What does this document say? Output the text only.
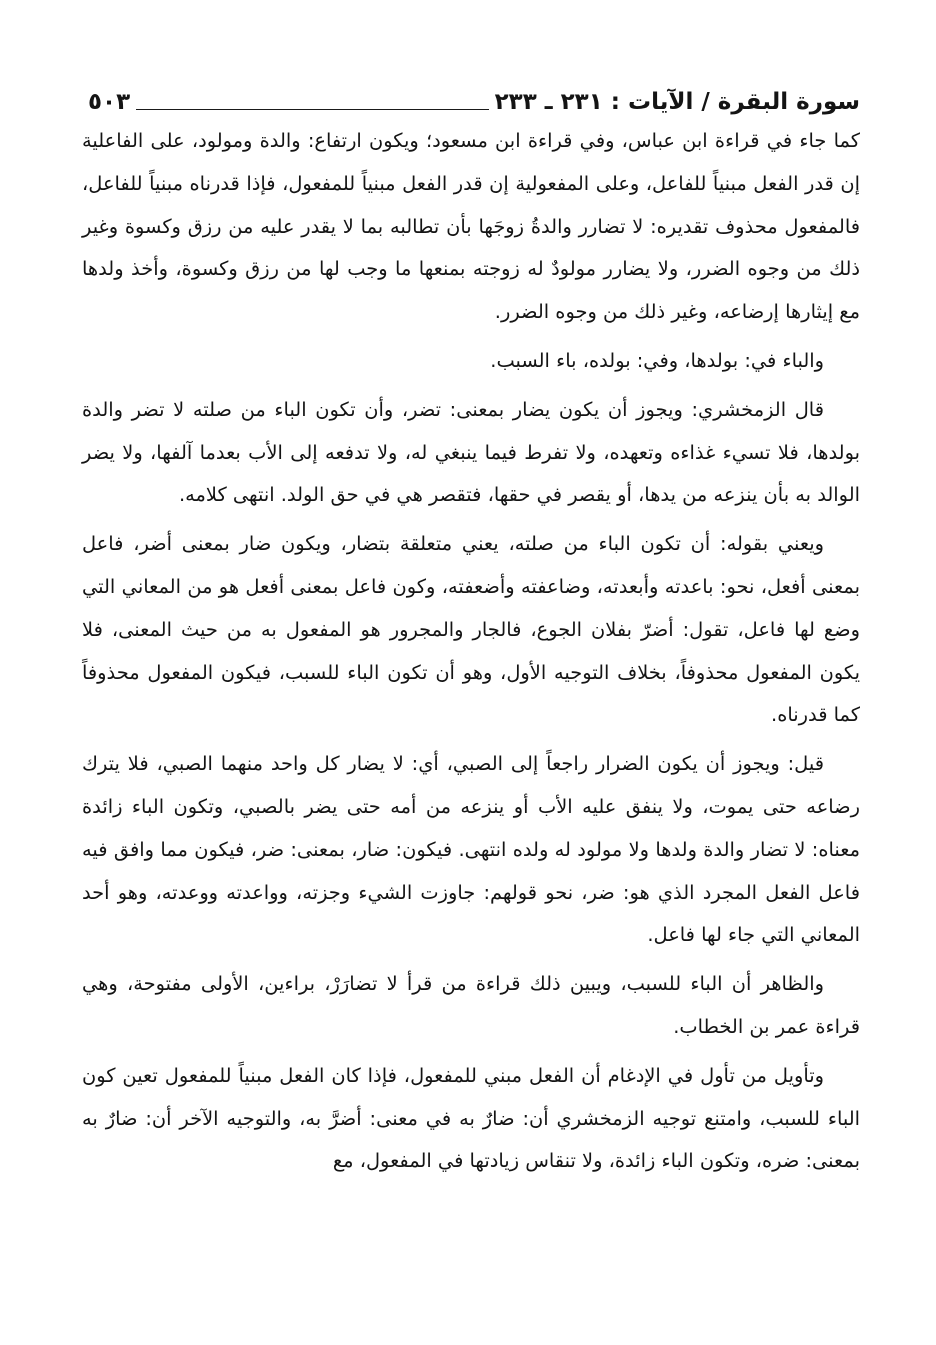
سورة البقرة / الآيات : ٢٣١ ـ ٢٣٣
٥٠٣

كما جاء في قراءة ابن عباس، وفي قراءة ابن مسعود؛ ويكون ارتفاع: والدة ومولود، على الفاعلية إن قدر الفعل مبنياً للفاعل، وعلى المفعولية إن قدر الفعل مبنياً للمفعول، فإذا قدرناه مبنياً للفاعل، فالمفعول محذوف تقديره: لا تضارر والدةُ زوجَها بأن تطالبه بما لا يقدر عليه من رزق وكسوة وغير ذلك من وجوه الضرر، ولا يضارر مولودٌ له زوجته بمنعها ما وجب لها من رزق وكسوة، وأخذ ولدها مع إيثارها إرضاعه، وغير ذلك من وجوه الضرر.

والباء في: بولدها، وفي: بولده، باء السبب.

قال الزمخشري: ويجوز أن يكون يضار بمعنى: تضر، وأن تكون الباء من صلته لا تضر والدة بولدها، فلا تسيء غذاءه وتعهده، ولا تفرط فيما ينبغي له، ولا تدفعه إلى الأب بعدما آلفها، ولا يضر الوالد به بأن ينزعه من يدها، أو يقصر في حقها، فتقصر هي في حق الولد. انتهى كلامه.

ويعني بقوله: أن تكون الباء من صلته، يعني متعلقة بتضار، ويكون ضار بمعنى أضر، فاعل بمعنى أفعل، نحو: باعدته وأبعدته، وضاعفته وأضعفته، وكون فاعل بمعنى أفعل هو من المعاني التي وضع لها فاعل، تقول: أضرّ بفلان الجوع، فالجار والمجرور هو المفعول به من حيث المعنى، فلا يكون المفعول محذوفاً، بخلاف التوجيه الأول، وهو أن تكون الباء للسبب، فيكون المفعول محذوفاً كما قدرناه.

قيل: ويجوز أن يكون الضرار راجعاً إلى الصبي، أي: لا يضار كل واحد منهما الصبي، فلا يترك رضاعه حتى يموت، ولا ينفق عليه الأب أو ينزعه من أمه حتى يضر بالصبي، وتكون الباء زائدة معناه: لا تضار والدة ولدها ولا مولود له ولده انتهى. فيكون: ضار، بمعنى: ضر، فيكون مما وافق فيه فاعل الفعل المجرد الذي هو: ضر، نحو قولهم: جاوزت الشيء وجزته، وواعدته ووعدته، وهو أحد المعاني التي جاء لها فاعل.

والظاهر أن الباء للسبب، ويبين ذلك قراءة من قرأ لا تضارَرْ، براءين، الأولى مفتوحة، وهي قراءة عمر بن الخطاب.

وتأويل من تأول في الإدغام أن الفعل مبني للمفعول، فإذا كان الفعل مبنياً للمفعول تعين كون الباء للسبب، وامتنع توجيه الزمخشري أن: ضارٌ به في معنى: أضرَّ به، والتوجيه الآخر أن: ضارٌ به بمعنى: ضره، وتكون الباء زائدة، ولا تنقاس زيادتها في المفعول، مع
